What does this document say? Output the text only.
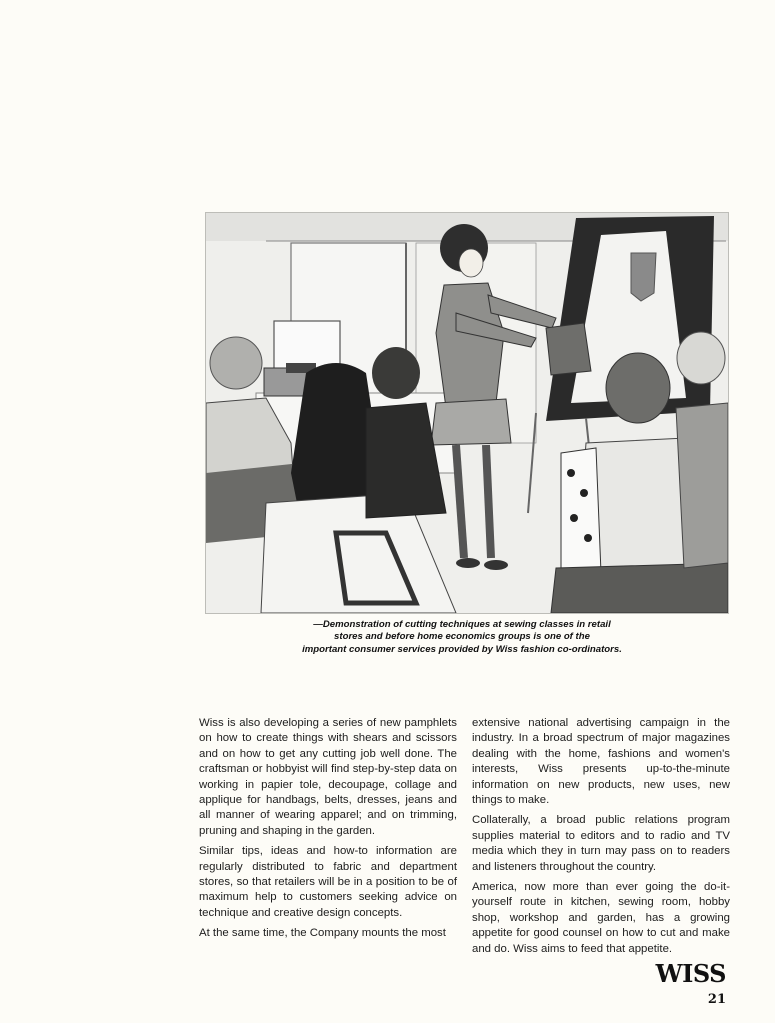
—Demonstration of cutting techniques at sewing classes in retail
stores and before home economics groups is one of the
important consumer services provided by Wiss fashion co-ordinators.

Wiss is also developing a series of new pamphlets on how to create things with shears and scissors and on how to get any cutting job well done. The craftsman or hobbyist will find step-by-step data on working in papier tole, decoupage, collage and applique for handbags, belts, dresses, jeans and all manner of wearing apparel; and on trimming, pruning and shaping in the garden.

Similar tips, ideas and how-to information are regularly distributed to fabric and department stores, so that retailers will be in a position to be of maximum help to customers seeking advice on technique and creative design concepts.

At the same time, the Company mounts the most

extensive national advertising campaign in the industry. In a broad spectrum of major magazines dealing with the home, fashions and women's interests, Wiss presents up-to-the-minute information on new products, new uses, new things to make.

Collaterally, a broad public relations program supplies material to editors and to radio and TV media which they in turn may pass on to readers and listeners throughout the country.

America, now more than ever going the do-it-yourself route in kitchen, sewing room, hobby shop, workshop and garden, has a growing appetite for good counsel on how to cut and make and do. Wiss aims to feed that appetite.

WISS
21
